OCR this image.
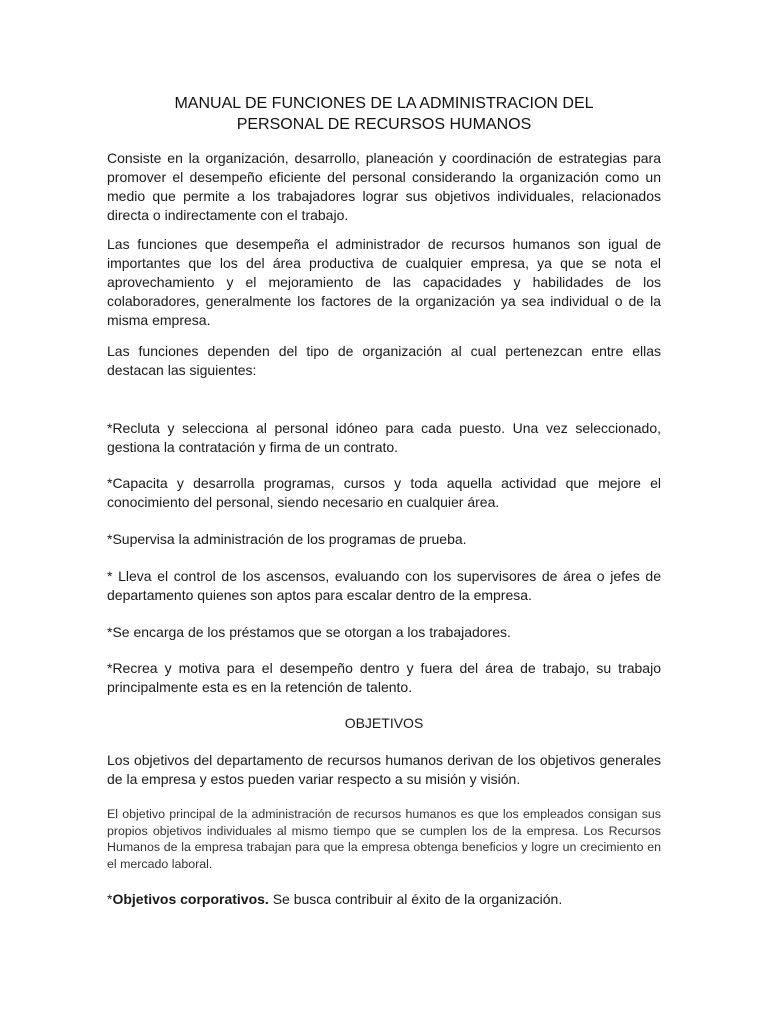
MANUAL DE FUNCIONES DE LA ADMINISTRACION DEL
PERSONAL DE RECURSOS HUMANOS

Consiste en la organización, desarrollo, planeación y coordinación de estrategias para promover el desempeño eficiente del personal considerando la organización como un medio que permite a los trabajadores lograr sus objetivos individuales, relacionados directa o indirectamente con el trabajo.

Las funciones que desempeña el administrador de recursos humanos son igual de importantes que los del área productiva de cualquier empresa, ya que se nota el aprovechamiento y el mejoramiento de las capacidades y habilidades de los colaboradores, generalmente los factores de la organización ya sea individual o de la misma empresa.

Las funciones dependen del tipo de organización al cual pertenezcan entre ellas destacan las siguientes:

*Recluta y selecciona al personal idóneo para cada puesto. Una vez seleccionado, gestiona la contratación y firma de un contrato.

*Capacita y desarrolla programas, cursos y toda aquella actividad que mejore el conocimiento del personal, siendo necesario en cualquier área.

*Supervisa la administración de los programas de prueba.

* Lleva el control de los ascensos, evaluando con los supervisores de área o jefes de departamento quienes son aptos para escalar dentro de la empresa.

*Se encarga de los préstamos que se otorgan a los trabajadores.

*Recrea y motiva para el desempeño dentro y fuera del área de trabajo, su trabajo principalmente esta es en la retención de talento.

OBJETIVOS

Los objetivos del departamento de recursos humanos derivan de los objetivos generales de la empresa y estos pueden variar respecto a su misión y visión.

El objetivo principal de la administración de recursos humanos es que los empleados consigan sus propios objetivos individuales al mismo tiempo que se cumplen los de la empresa. Los Recursos Humanos de la empresa trabajan para que la empresa obtenga beneficios y logre un crecimiento en el mercado laboral.

*Objetivos corporativos. Se busca contribuir al éxito de la organización.
